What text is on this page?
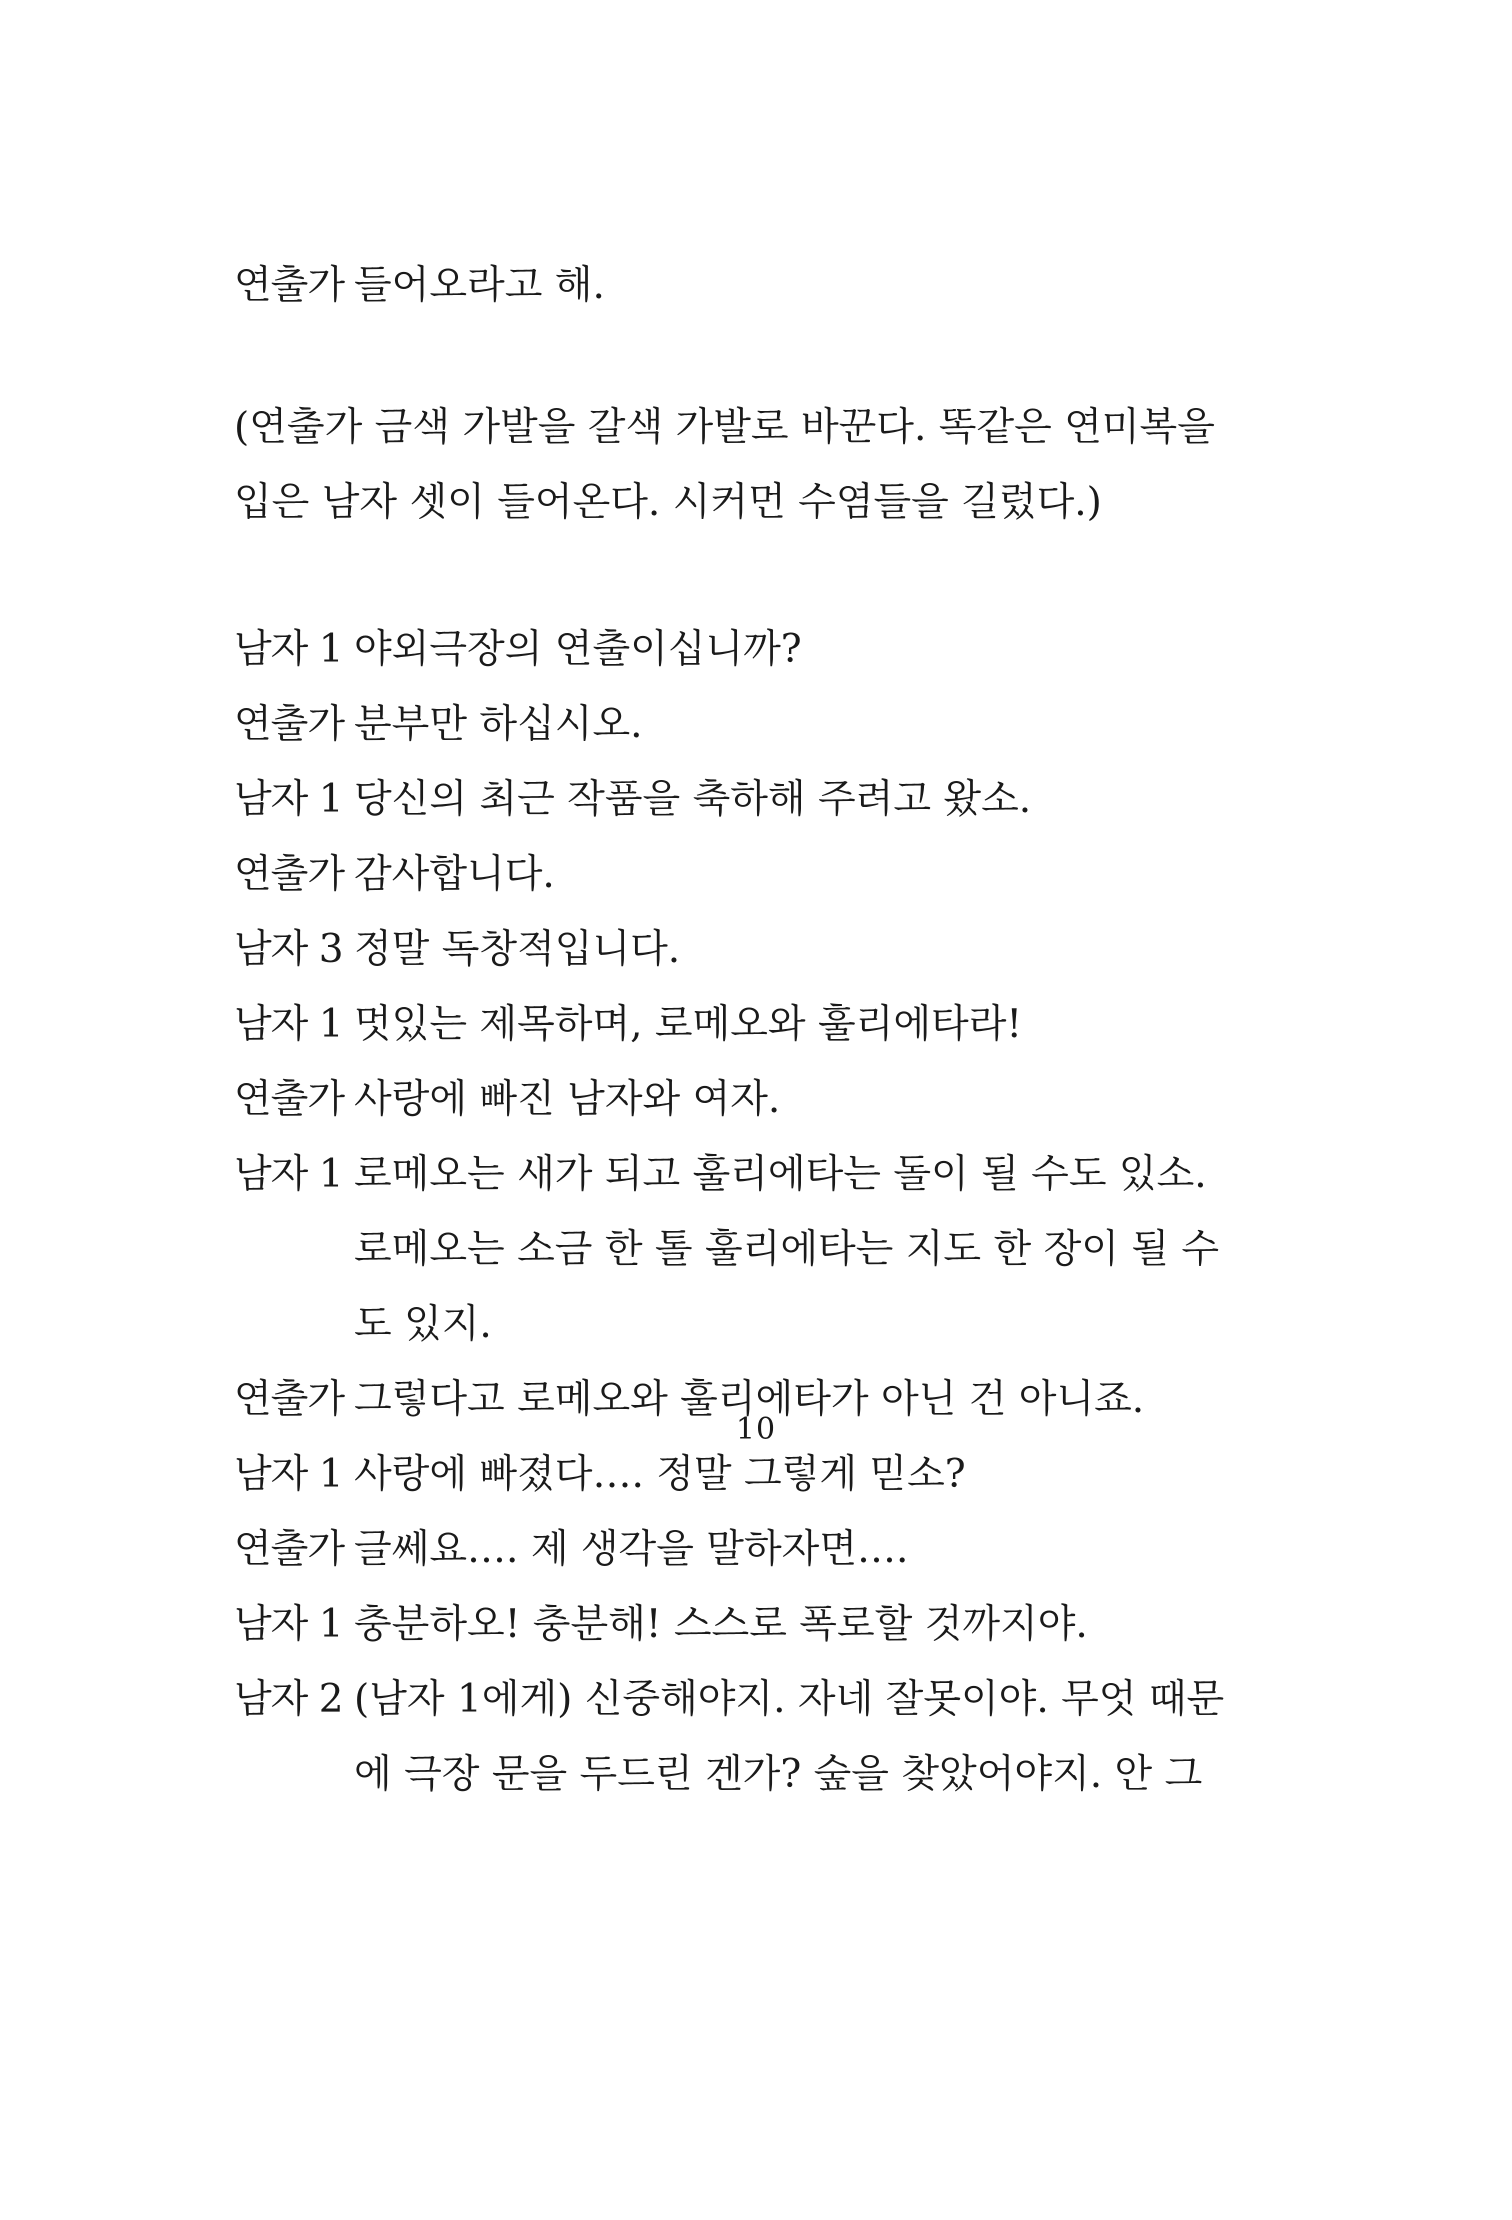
연출가 들어오라고 해.
(연출가 금색 가발을 갈색 가발로 바꾼다. 똑같은 연미복을
입은 남자 셋이 들어온다. 시커먼 수염들을 길렀다.)
남자 1 야외극장의 연출이십니까?
연출가 분부만 하십시오.
남자 1 당신의 최근 작품을 축하해 주려고 왔소.
연출가 감사합니다.
남자 3 정말 독창적입니다.
남자 1 멋있는 제목하며, 로메오와 훌리에타라!
연출가 사랑에 빠진 남자와 여자.
남자 1 로메오는 새가 되고 훌리에타는 돌이 될 수도 있소.
로메오는 소금 한 톨 훌리에타는 지도 한 장이 될 수
도 있지.
연출가 그렇다고 로메오와 훌리에타가 아닌 건 아니죠.
남자 1 사랑에 빠졌다…. 정말 그렇게 믿소?
연출가 글쎄요…. 제 생각을 말하자면….
남자 1 충분하오! 충분해! 스스로 폭로할 것까지야.
남자 2 (남자 1에게) 신중해야지. 자네 잘못이야. 무엇 때문
에 극장 문을 두드린 겐가? 숲을 찾았어야지. 안 그
10
